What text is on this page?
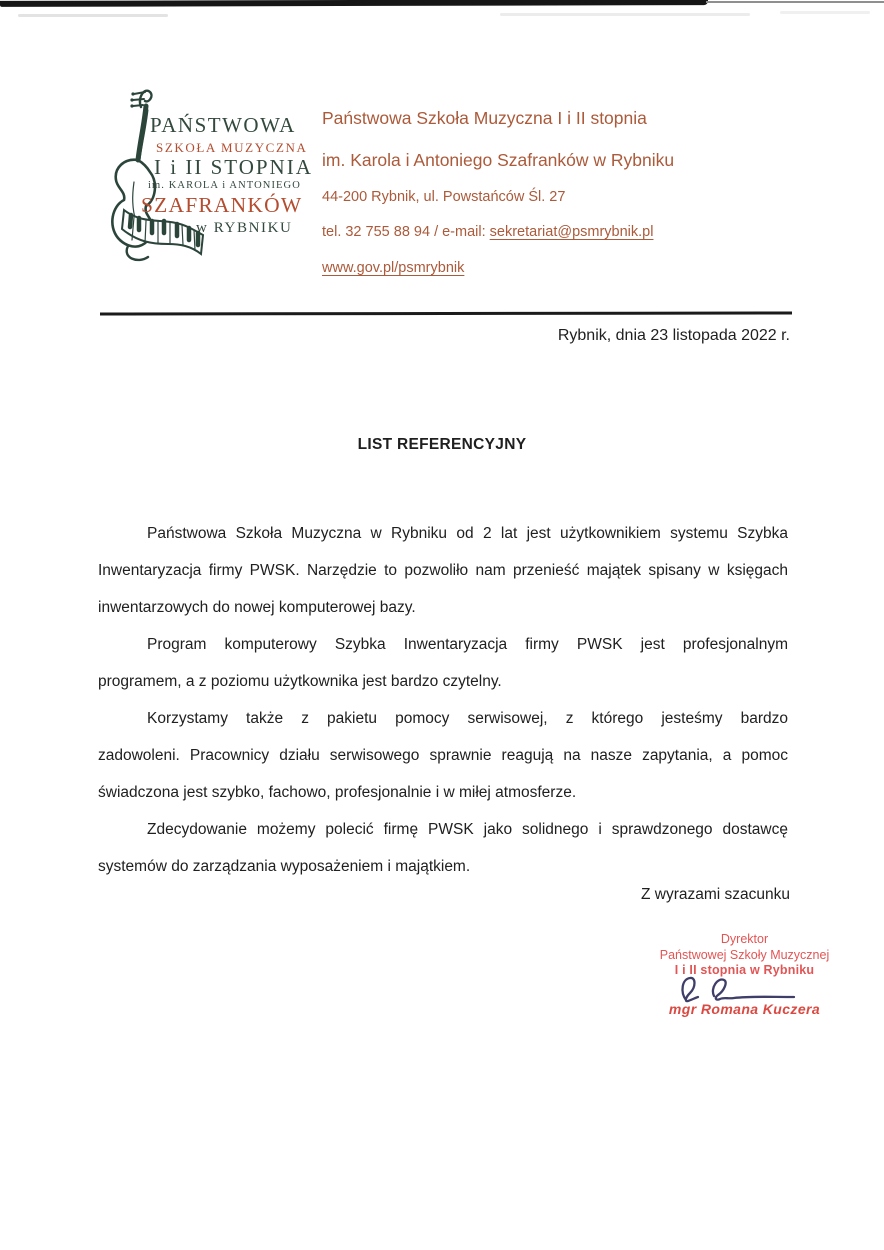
PAŃSTWOWA
SZKOŁA MUZYCZNA
I i II STOPNIA
im. KAROLA i ANTONIEGO
SZAFRANKÓW
w RYBNIKU
Państwowa Szkoła Muzyczna I i II stopnia
im. Karola i Antoniego Szafranków w Rybniku
44-200 Rybnik, ul. Powstańców Śl. 27
tel. 32 755 88 94 / e-mail: sekretariat@psmrybnik.pl
www.gov.pl/psmrybnik
Rybnik, dnia 23 listopada 2022 r.
LIST REFERENCYJNY
Państwowa Szkoła Muzyczna w Rybniku od 2 lat jest użytkownikiem systemu Szybka
Inwentaryzacja firmy PWSK. Narzędzie to pozwoliło nam przenieść majątek spisany w księgach
inwentarzowych do nowej komputerowej bazy.
Program komputerowy Szybka Inwentaryzacja firmy PWSK jest profesjonalnym
programem, a z poziomu użytkownika jest bardzo czytelny.
Korzystamy także z pakietu pomocy serwisowej, z którego jesteśmy bardzo
zadowoleni. Pracownicy działu serwisowego sprawnie reagują na nasze zapytania, a pomoc
świadczona jest szybko, fachowo, profesjonalnie i w miłej atmosferze.
Zdecydowanie możemy polecić firmę PWSK jako solidnego i sprawdzonego dostawcę
systemów do zarządzania wyposażeniem i majątkiem.
Z wyrazami szacunku
Dyrektor
Państwowej Szkoły Muzycznej
I i II stopnia w Rybniku
mgr Romana Kuczera
